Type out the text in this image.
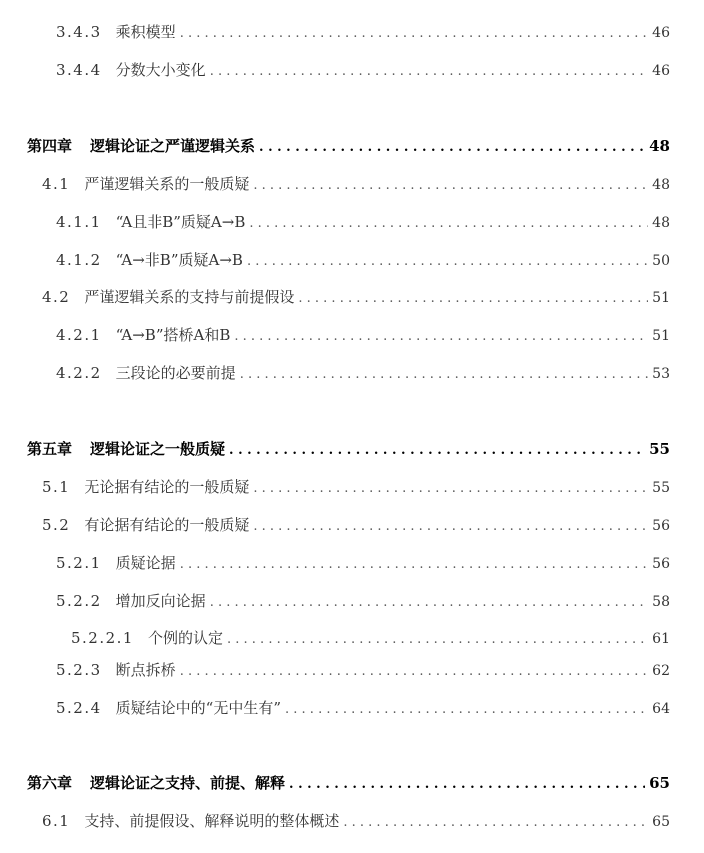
3.4.3 乘积模型 . . .	46
3.4.4 分数大小变化 . . .	46
第四章 逻辑论证之严谨逻辑关系 . . .	48
4.1 严谨逻辑关系的一般质疑 . . .	48
4.1.1 “A且非B”质疑A→B . . .	48
4.1.2 “A→非B”质疑A→B . . .	50
4.2 严谨逻辑关系的支持与前提假设 . . .	51
4.2.1 “A→B”搭桥A和B . . .	51
4.2.2 三段论的必要前提 . . .	53
第五章 逻辑论证之一般质疑 . . .	55
5.1 无论据有结论的一般质疑 . . .	55
5.2 有论据有结论的一般质疑 . . .	56
5.2.1 质疑论据 . . .	56
5.2.2 增加反向论据 . . .	58
5.2.2.1 个例的认定 . . .	61
5.2.3 断点拆桥 . . .	62
5.2.4 质疑结论中的“无中生有” . . .	64
第六章 逻辑论证之支持、前提、解释 . . .	65
6.1 支持、前提假设、解释说明的整体概述 . . .	65
